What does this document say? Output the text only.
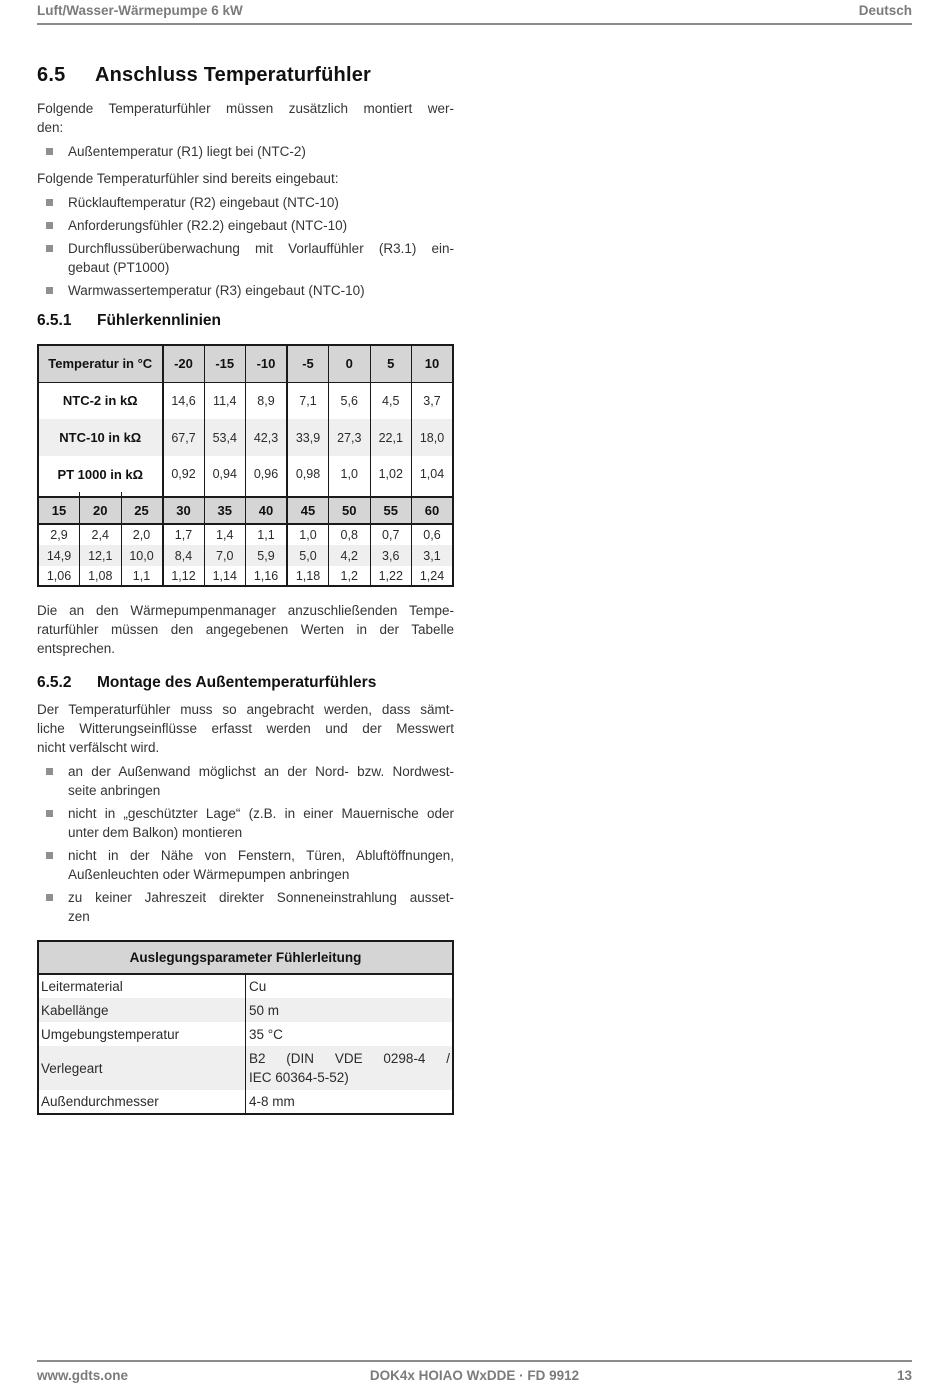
Luft/Wasser-Wärmepumpe 6 kW	Deutsch
6.5	Anschluss Temperaturfühler
Folgende Temperaturfühler müssen zusätzlich montiert wer-
den:
Außentemperatur (R1) liegt bei (NTC-2)
Folgende Temperaturfühler sind bereits eingebaut:
Rücklauftemperatur (R2) eingebaut (NTC-10)
Anforderungsfühler (R2.2) eingebaut (NTC-10)
Durchflussüberüberwachung mit Vorlauffühler (R3.1) ein-
gebaut (PT1000)
Warmwassertemperatur (R3) eingebaut (NTC-10)
6.5.1	Fühlerkennlinien
Temperatur in °C			-20	-15	-10	-5	0	5	10
NTC-2 in kΩ			14,6	11,4	8,9	7,1	5,6	4,5	3,7
NTC-10 in kΩ			67,7	53,4	42,3	33,9	27,3	22,1	18,0
PT 1000 in kΩ			0,92	0,94	0,96	0,98	1,0	1,02	1,04

15	20	25	30	35	40	45	50	55	60
2,9	2,4	2,0	1,7	1,4	1,1	1,0	0,8	0,7	0,6
14,9	12,1	10,0	8,4	7,0	5,9	5,0	4,2	3,6	3,1
1,06	1,08	1,1	1,12	1,14	1,16	1,18	1,2	1,22	1,24
Die an den Wärmepumpenmanager anzuschließenden Tempe-
raturfühler müssen den angegebenen Werten in der Tabelle
entsprechen.
6.5.2	Montage des Außentemperaturfühlers
Der Temperaturfühler muss so angebracht werden, dass sämt-
liche Witterungseinflüsse erfasst werden und der Messwert
nicht verfälscht wird.
an der Außenwand möglichst an der Nord- bzw. Nordwest-
seite anbringen
nicht in „geschützter Lage“ (z.B. in einer Mauernische oder
unter dem Balkon) montieren
nicht in der Nähe von Fenstern, Türen, Abluftöffnungen,
Außenleuchten oder Wärmepumpen anbringen
zu keiner Jahreszeit direkter Sonneneinstrahlung ausset-
zen
Auslegungsparameter Fühlerleitung	
Leitermaterial	Cu

Kabellänge	50 m

Umgebungstemperatur	35 °C

Verlegeart	B2 (DIN VDE 0298-4 /
IEC 60364-5-52)

Außendurchmesser	4-8 mm
www.gdts.one	DOK4x HOIAO WxDDE · FD 9912	13
